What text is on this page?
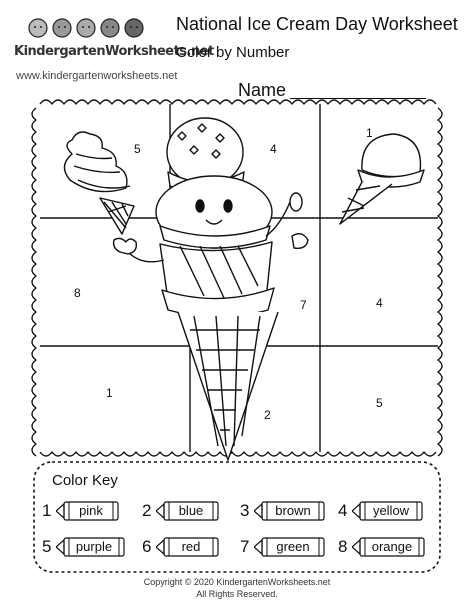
KindergartenWorksheets.net
www.kindergartenworksheets.net
National Ice Cream Day Worksheet
Color by Number
Name
5	4
1
8
7	4
1
2
5
Color Key
1	pink	2	blue	3	brown	4	yellow
5	purple	6	red	7	green	8	orange
Copyright © 2020 KindergartenWorksheets.net
All Rights Reserved.
